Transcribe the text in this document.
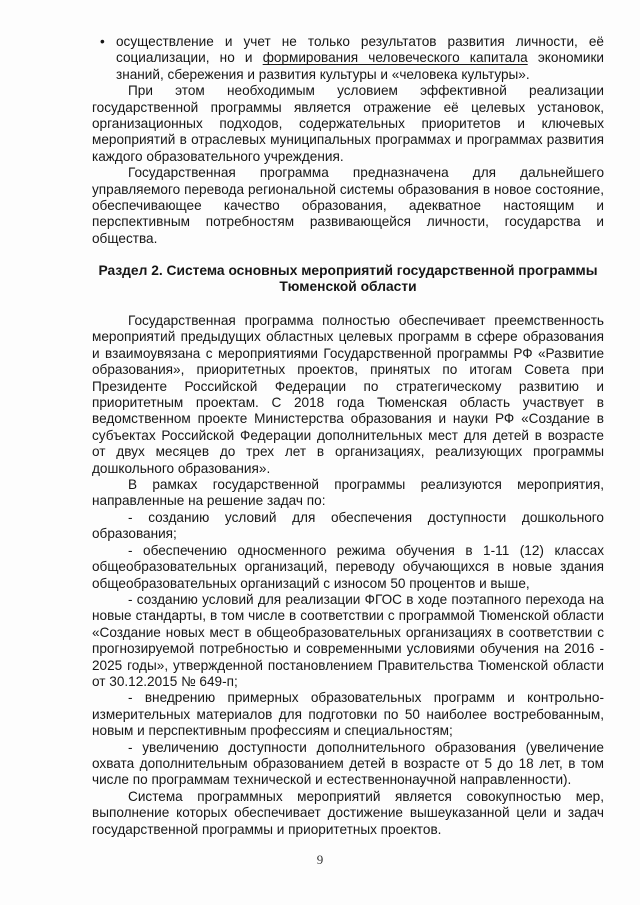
• осуществление и учет не только результатов развития личности, её социализации, но и формирования человеческого капитала экономики знаний, сбережения и развития культуры и «человека культуры».

При этом необходимым условием эффективной реализации государственной программы является отражение её целевых установок, организационных подходов, содержательных приоритетов и ключевых мероприятий в отраслевых муниципальных программах и программах развития каждого образовательного учреждения.

Государственная программа предназначена для дальнейшего управляемого перевода региональной системы образования в новое состояние, обеспечивающее качество образования, адекватное настоящим и перспективным потребностям развивающейся личности, государства и общества.

Раздел 2. Система основных мероприятий государственной программы

Тюменской области

Государственная программа полностью обеспечивает преемственность мероприятий предыдущих областных целевых программ в сфере образования и взаимоувязана с мероприятиями Государственной программы РФ «Развитие образования», приоритетных проектов, принятых по итогам Совета при Президенте Российской Федерации по стратегическому развитию и приоритетным проектам. С 2018 года Тюменская область участвует в ведомственном проекте Министерства образования и науки РФ «Создание в субъектах Российской Федерации дополнительных мест для детей в возрасте от двух месяцев до трех лет в организациях, реализующих программы дошкольного образования».

В рамках государственной программы реализуются мероприятия, направленные на решение задач по:

- созданию условий для обеспечения доступности дошкольного образования;

- обеспечению односменного режима обучения в 1-11 (12) классах общеобразовательных организаций, переводу обучающихся в новые здания общеобразовательных организаций с износом 50 процентов и выше,

- созданию условий для реализации ФГОС в ходе поэтапного перехода на новые стандарты, в том числе в соответствии с программой Тюменской области «Создание новых мест в общеобразовательных организациях в соответствии с прогнозируемой потребностью и современными условиями обучения на 2016 - 2025 годы», утвержденной постановлением Правительства Тюменской области от 30.12.2015 № 649-п;

- внедрению примерных образовательных программ и контрольно-измерительных материалов для подготовки по 50 наиболее востребованным, новым и перспективным профессиям и специальностям;

- увеличению доступности дополнительного образования (увеличение охвата дополнительным образованием детей в возрасте от 5 до 18 лет, в том числе по программам технической и естественнонаучной направленности).

Система программных мероприятий является совокупностью мер, выполнение которых обеспечивает достижение вышеуказанной цели и задач государственной программы и приоритетных проектов.

9
